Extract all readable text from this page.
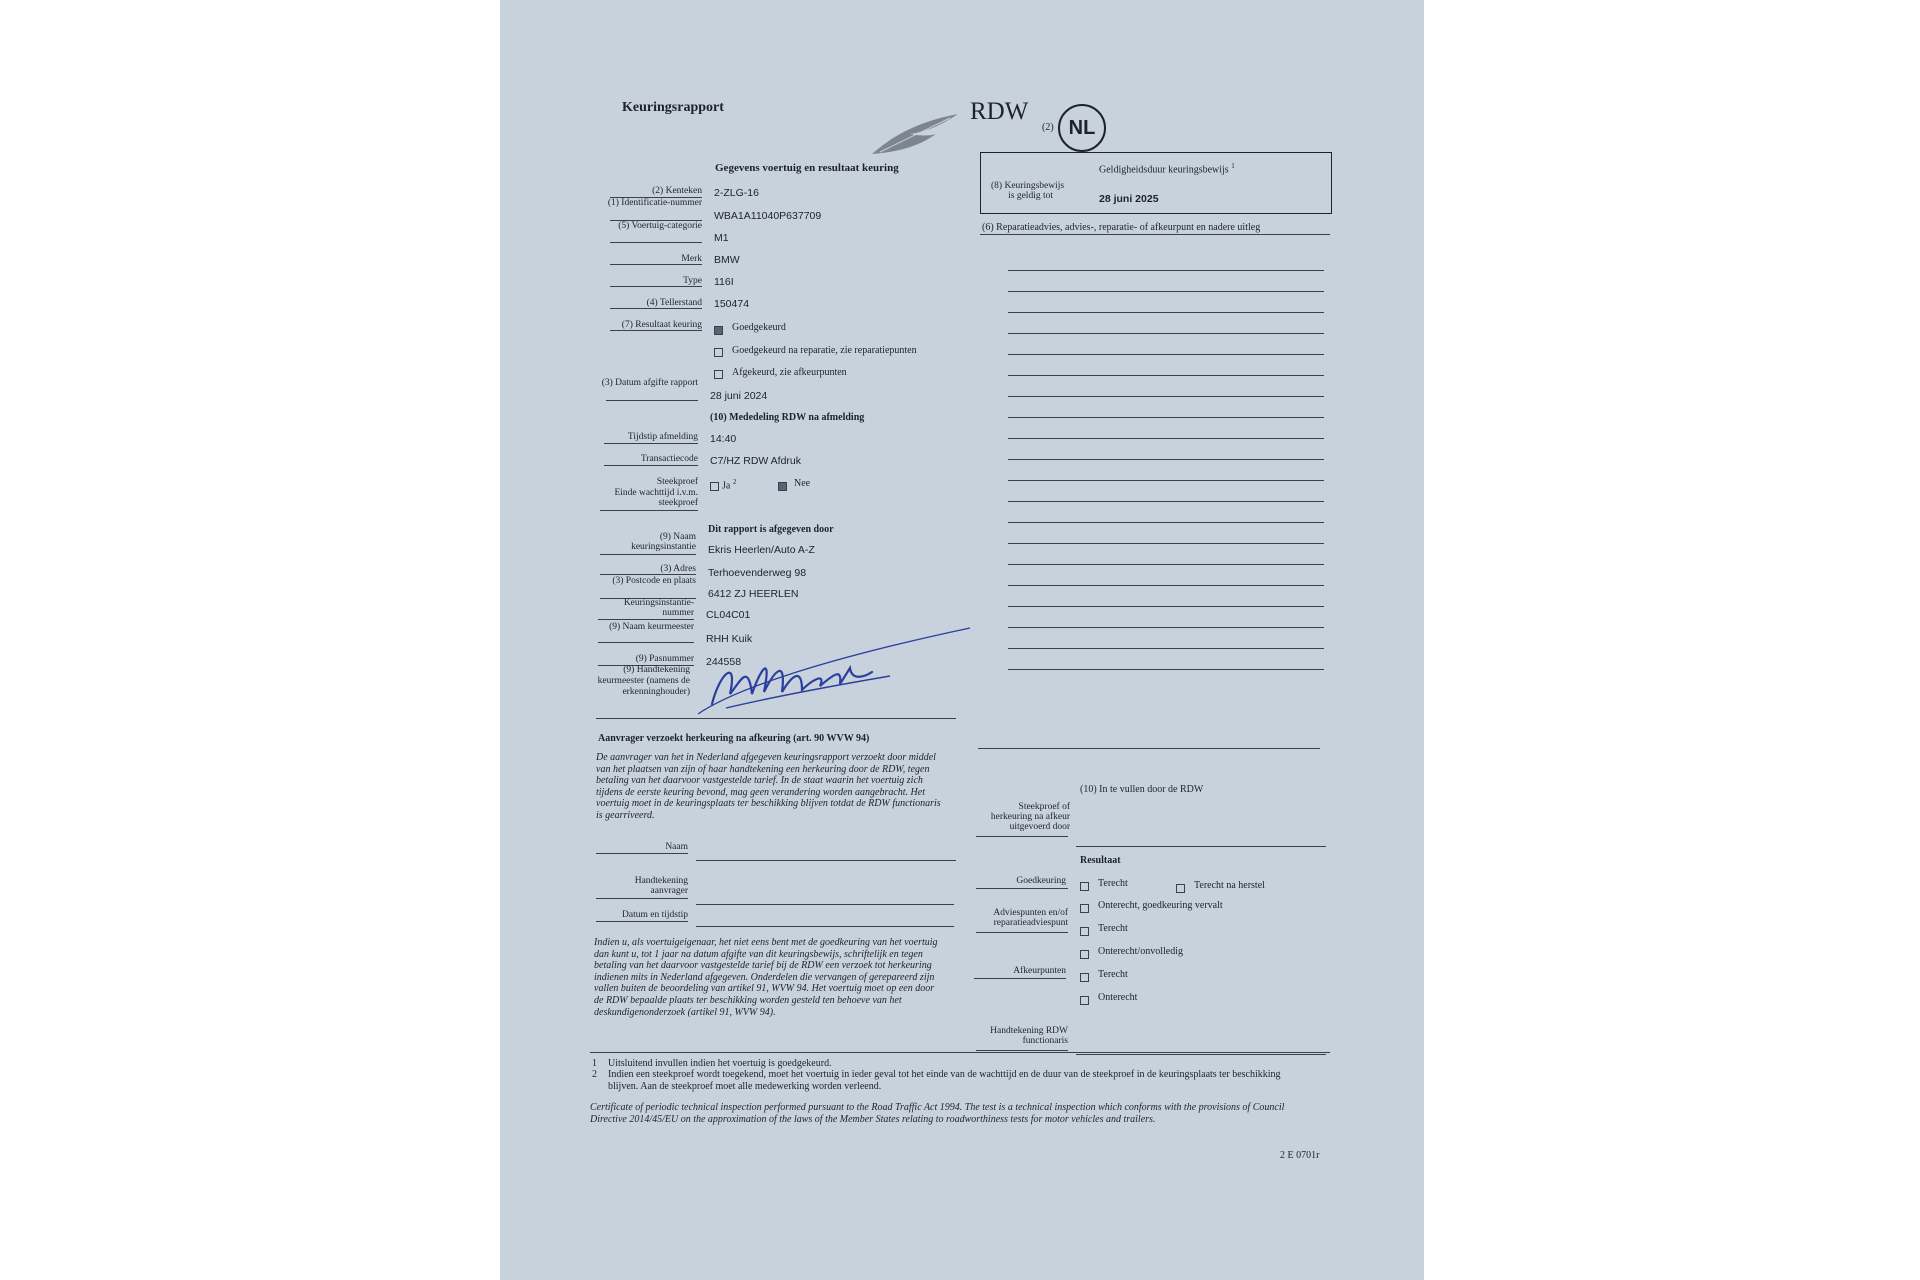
Keuringsrapport	RDW
(2) NL
Geldigheidsduur keuringsbewijs $^1$
(8) Keuringsbewijs
is geldig tot	28 juni 2025
(6) Reparatieadvies, advies-, reparatie- of afkeurpunt en nadere uitleg
Gegevens voertuig en resultaat keuring
(2) Kenteken 2-ZLG-16
(1) Identificatie-nummer
WBA1A11040P637709
(5) Voertuig-categorie
M1
Merk BMW
Type 116I
(4) Tellerstand 150474
(7) Resultaat keuring	Goedgekeurd
Goedgekeurd na reparatie, zie reparatiepunten
Afgekeurd, zie afkeurpunten
(3) Datum afgifte rapport
28 juni 2024
(10) Mededeling RDW na afmelding
Tijdstip afmelding 14:40
Transactiecode C7/HZ RDW Afdruk
Steekproef Ja $^2$	Nee
Einde wachttijd i.v.m. steekproef
Dit rapport is afgegeven door
(9) Naam keuringsinstantie Ekris Heerlen/Auto A-Z
(3) Adres Terhoevenderweg 98
(3) Postcode en plaats
6412 ZJ HEERLEN
Keuringsinstantie-nummer CL04C01
(9) Naam keurmeester
RHH Kuik
(9) Pasnummer 244558
(9) Handtekening keurmeester (namens de erkenninghouder)
Aanvrager verzoekt herkeuring na afkeuring (art. 90 WVW 94)
De aanvrager van het in Nederland afgegeven keuringsrapport verzoekt door middel van het plaatsen van zijn of haar handtekening een herkeuring door de RDW, tegen betaling van het daarvoor vastgestelde tarief. In de staat waarin het voertuig zich tijdens de eerste keuring bevond, mag geen verandering worden aangebracht. Het voertuig moet in de keuringsplaats ter beschikking blijven totdat de RDW functionaris is gearriveerd.
Naam
Handtekening aanvrager
Datum en tijdstip
Indien u, als voertuigeigenaar, het niet eens bent met de goedkeuring van het voertuig dan kunt u, tot 1 jaar na datum afgifte van dit keuringsbewijs, schriftelijk en tegen betaling van het daarvoor vastgestelde tarief bij de RDW een verzoek tot herkeuring indienen mits in Nederland afgegeven. Onderdelen die vervangen of gerepareerd zijn vallen buiten de beoordeling van artikel 91, WVW 94. Het voertuig moet op een door de RDW bepaalde plaats ter beschikking worden gesteld ten behoeve van het deskundigenonderzoek (artikel 91, WVW 94).
(10) In te vullen door de RDW
Steekproef of herkeuring na afkeur uitgevoerd door
Resultaat
Goedkeuring	Terecht	Terecht na herstel
Onterecht, goedkeuring vervalt
Adviespunten en/of reparatieadviespunt	Terecht
Onterecht/onvolledig
Afkeurpunten	Terecht
Onterecht
Handtekening RDW functionaris
1 Uitsluitend invullen indien het voertuig is goedgekeurd.
2 Indien een steekproef wordt toegekend, moet het voertuig in ieder geval tot het einde van de wachttijd en de duur van de steekproef in de keuringsplaats ter beschikking blijven. Aan de steekproef moet alle medewerking worden verleend.
Certificate of periodic technical inspection performed pursuant to the Road Traffic Act 1994. The test is a technical inspection which conforms with the provisions of Council Directive 2014/45/EU on the approximation of the laws of the Member States relating to roadworthiness tests for motor vehicles and trailers.
2 E 0701r
